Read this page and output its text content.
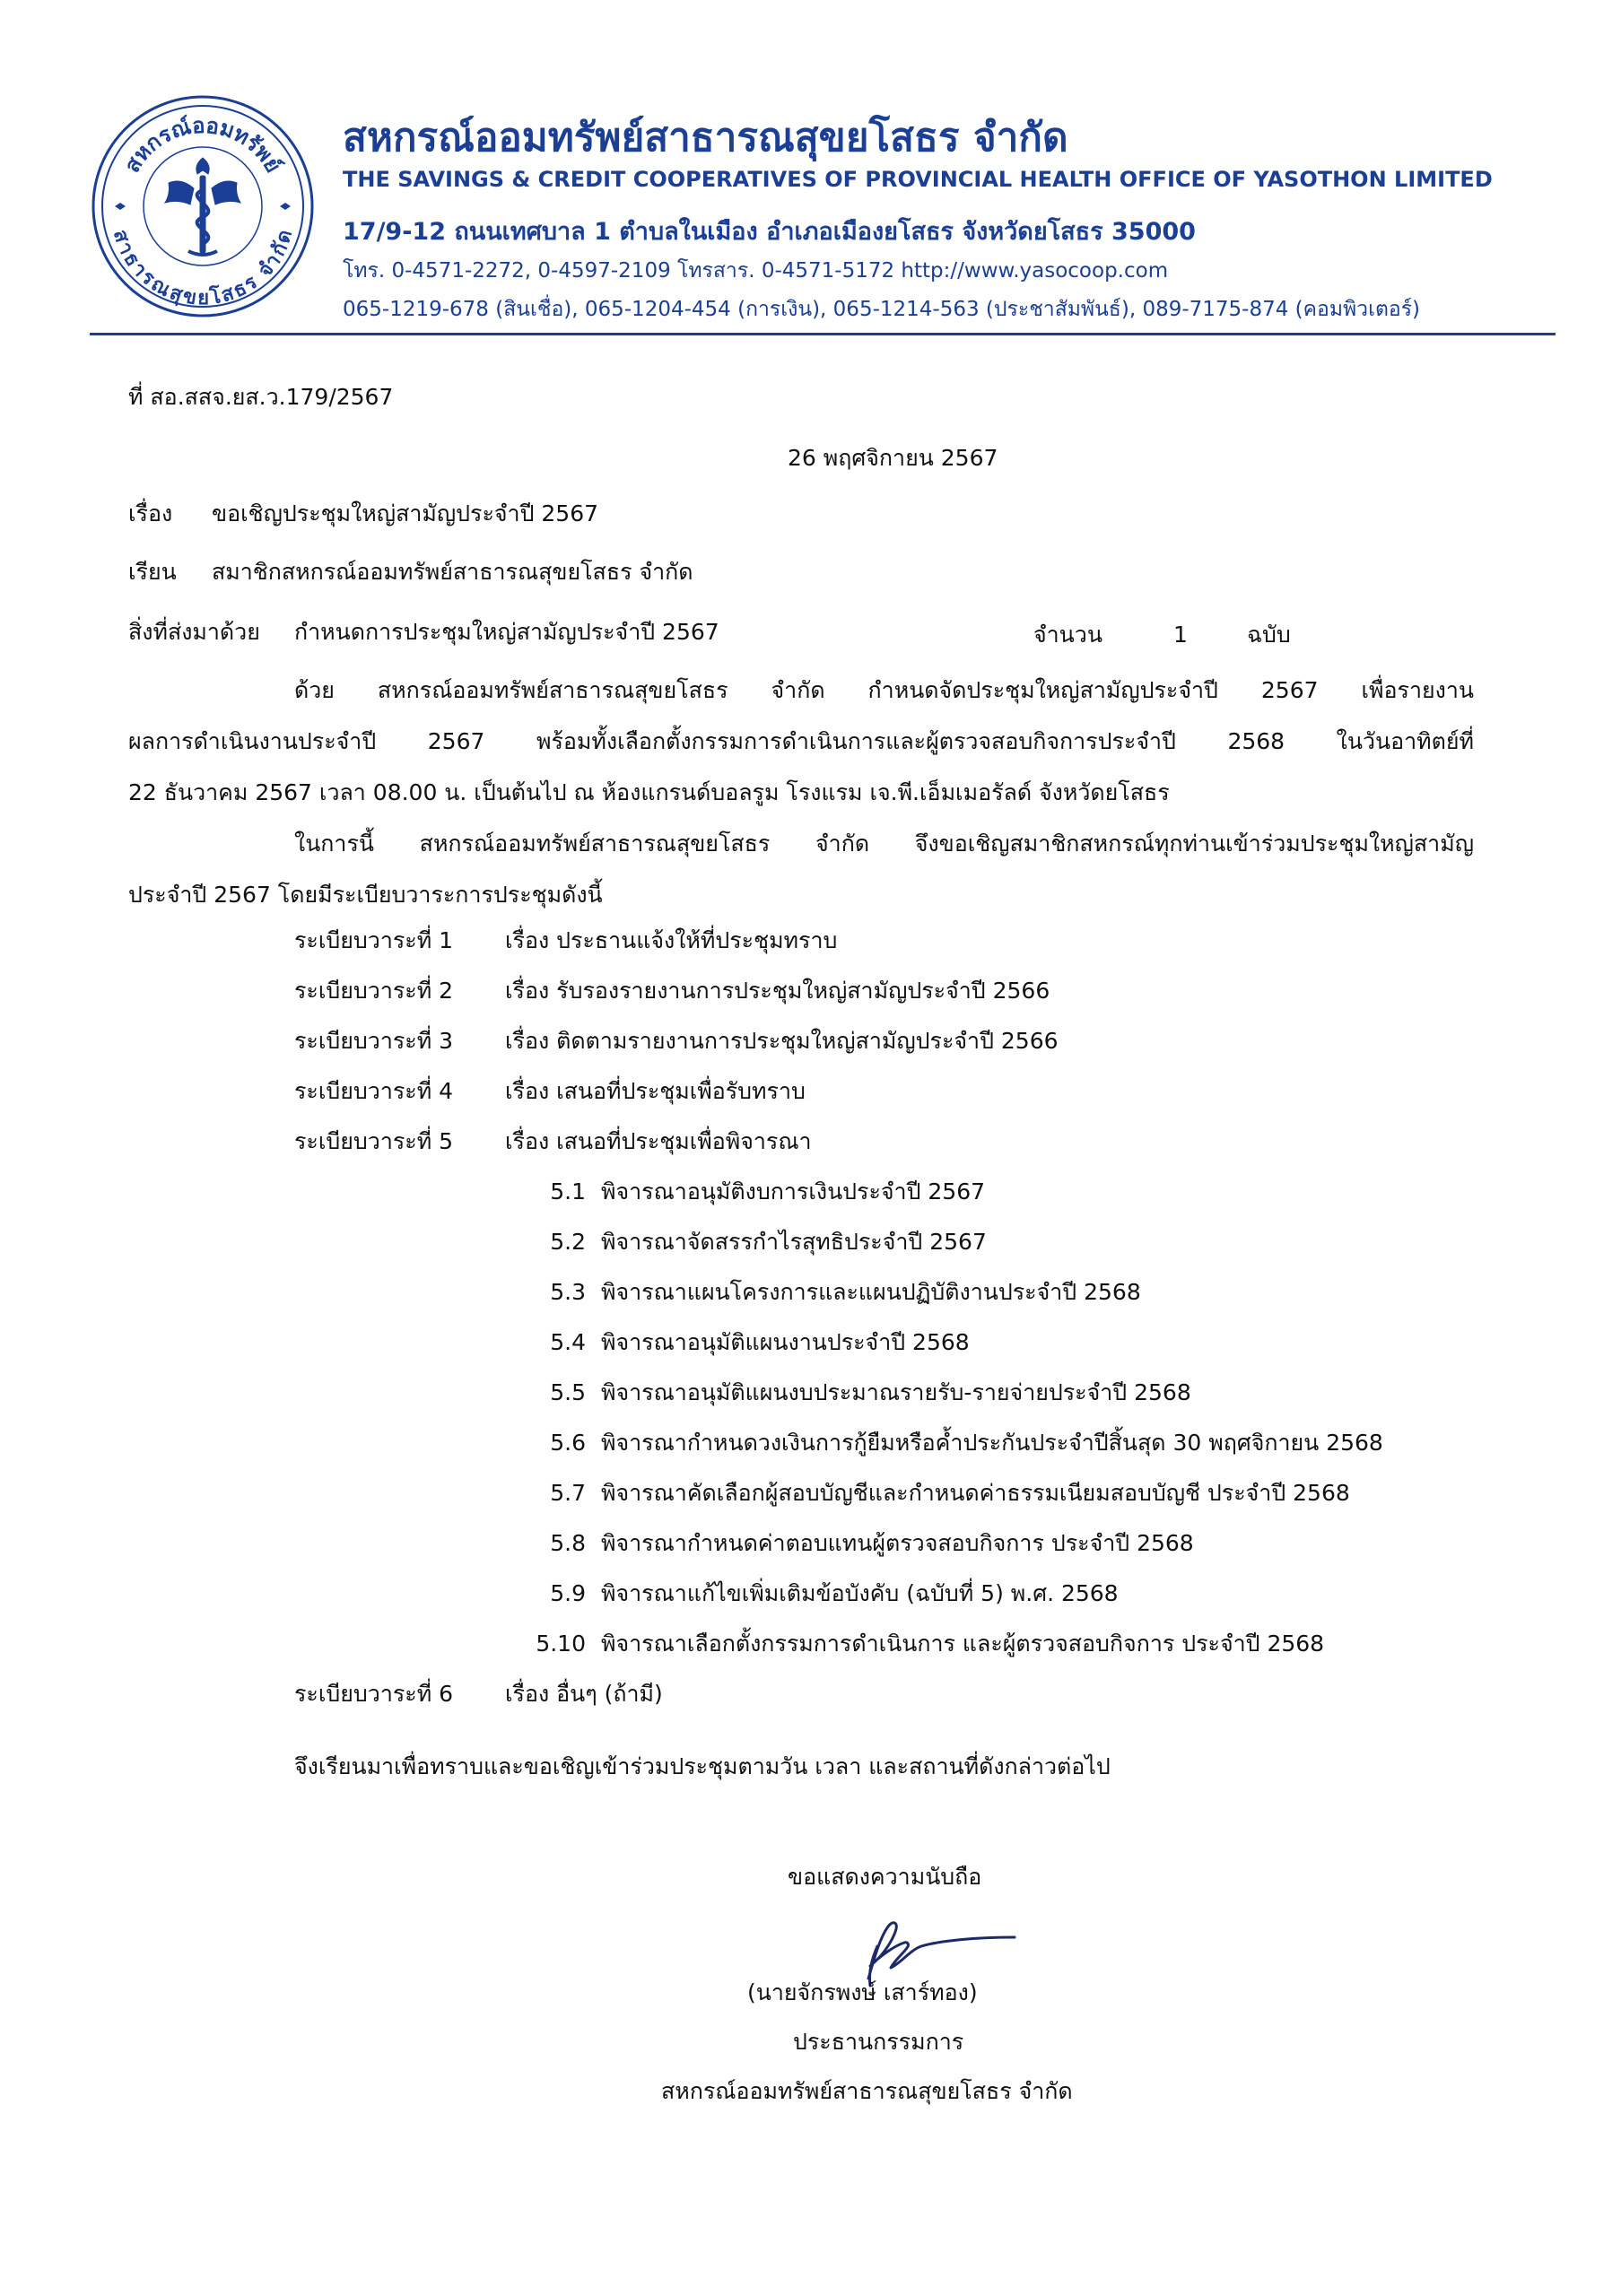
สหกรณ์ออมทรัพย์
สาธารณสุขยโสธร จำกัด
สหกรณ์ออมทรัพย์สาธารณสุขยโสธร จำกัด
THE SAVINGS & CREDIT COOPERATIVES OF PROVINCIAL HEALTH OFFICE OF YASOTHON LIMITED
17/9-12 ถนนเทศบาล 1 ตำบลในเมือง อำเภอเมืองยโสธร จังหวัดยโสธร 35000
โทร. 0-4571-2272, 0-4597-2109 โทรสาร. 0-4571-5172 http://www.yasocoop.com
065-1219-678 (สินเชื่อ), 065-1204-454 (การเงิน), 065-1214-563 (ประชาสัมพันธ์), 089-7175-874 (คอมพิวเตอร์)
ที่ สอ.สสจ.ยส.ว.179/2567
26 พฤศจิกายน 2567
เรื่อง ขอเชิญประชุมใหญ่สามัญประจำปี 2567
เรียน สมาชิกสหกรณ์ออมทรัพย์สาธารณสุขยโสธร จำกัด
สิ่งที่ส่งมาด้วย กำหนดการประชุมใหญ่สามัญประจำปี 2567	จำนวน	1	ฉบับ
ด้วย สหกรณ์ออมทรัพย์สาธารณสุขยโสธร จำกัด กำหนดจัดประชุมใหญ่สามัญประจำปี 2567 เพื่อรายงาน
ผลการดำเนินงานประจำปี 2567 พร้อมทั้งเลือกตั้งกรรมการดำเนินการและผู้ตรวจสอบกิจการประจำปี 2568 ในวันอาทิตย์ที่
22 ธันวาคม 2567 เวลา 08.00 น. เป็นต้นไป ณ ห้องแกรนด์บอลรูม โรงแรม เจ.พี.เอ็มเมอรัลด์ จังหวัดยโสธร
ในการนี้ สหกรณ์ออมทรัพย์สาธารณสุขยโสธร จำกัด จึงขอเชิญสมาชิกสหกรณ์ทุกท่านเข้าร่วมประชุมใหญ่สามัญ
ประจำปี 2567 โดยมีระเบียบวาระการประชุมดังนี้
ระเบียบวาระที่ 1 เรื่อง ประธานแจ้งให้ที่ประชุมทราบ
ระเบียบวาระที่ 2 เรื่อง รับรองรายงานการประชุมใหญ่สามัญประจำปี 2566
ระเบียบวาระที่ 3 เรื่อง ติดตามรายงานการประชุมใหญ่สามัญประจำปี 2566
ระเบียบวาระที่ 4 เรื่อง เสนอที่ประชุมเพื่อรับทราบ
ระเบียบวาระที่ 5 เรื่อง เสนอที่ประชุมเพื่อพิจารณา
5.1 พิจารณาอนุมัติงบการเงินประจำปี 2567
5.2 พิจารณาจัดสรรกำไรสุทธิประจำปี 2567
5.3 พิจารณาแผนโครงการและแผนปฏิบัติงานประจำปี 2568
5.4 พิจารณาอนุมัติแผนงานประจำปี 2568
5.5 พิจารณาอนุมัติแผนงบประมาณรายรับ-รายจ่ายประจำปี 2568
5.6 พิจารณากำหนดวงเงินการกู้ยืมหรือค้ำประกันประจำปีสิ้นสุด 30 พฤศจิกายน 2568
5.7 พิจารณาคัดเลือกผู้สอบบัญชีและกำหนดค่าธรรมเนียมสอบบัญชี ประจำปี 2568
5.8 พิจารณากำหนดค่าตอบแทนผู้ตรวจสอบกิจการ ประจำปี 2568
5.9 พิจารณาแก้ไขเพิ่มเติมข้อบังคับ (ฉบับที่ 5) พ.ศ. 2568
5.10 พิจารณาเลือกตั้งกรรมการดำเนินการ และผู้ตรวจสอบกิจการ ประจำปี 2568
ระเบียบวาระที่ 6 เรื่อง อื่นๆ (ถ้ามี)
จึงเรียนมาเพื่อทราบและขอเชิญเข้าร่วมประชุมตามวัน เวลา และสถานที่ดังกล่าวต่อไป
ขอแสดงความนับถือ
(นายจักรพงษ์ เสาร์ทอง)
ประธานกรรมการ
สหกรณ์ออมทรัพย์สาธารณสุขยโสธร จำกัด
